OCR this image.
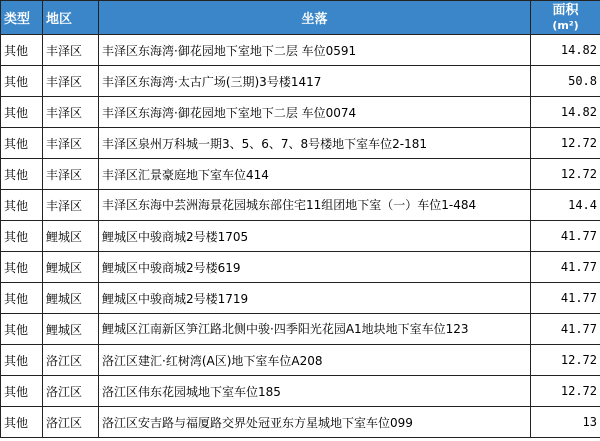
类型	地区	坐落	面积
(m²)

其他	丰泽区	丰泽区东海湾·御花园地下室地下二层 车位0591	14.82
其他	丰泽区	丰泽区东海湾·太古广场(三期)3号楼1417	50.8
其他	丰泽区	丰泽区东海湾·御花园地下室地下二层 车位0074	14.82
其他	丰泽区	丰泽区泉州万科城一期3、5、6、7、8号楼地下室车位2-181	12.72
其他	丰泽区	丰泽区汇景豪庭地下室车位414	12.72
其他	丰泽区	丰泽区东海中芸洲海景花园城东部住宅11组团地下室（一）车位1-484	14.4
其他	鲤城区	鲤城区中骏商城2号楼1705	41.77
其他	鲤城区	鲤城区中骏商城2号楼619	41.77
其他	鲤城区	鲤城区中骏商城2号楼1719	41.77
其他	鲤城区	鲤城区江南新区笋江路北侧中骏·四季阳光花园A1地块地下室车位123	41.77
其他	洛江区	洛江区建汇·红树湾(A区)地下室车位A208	12.72
其他	洛江区	洛江区伟东花园城地下室车位185	12.72
其他	洛江区	洛江区安吉路与福厦路交界处冠亚东方星城地下室车位099	13
